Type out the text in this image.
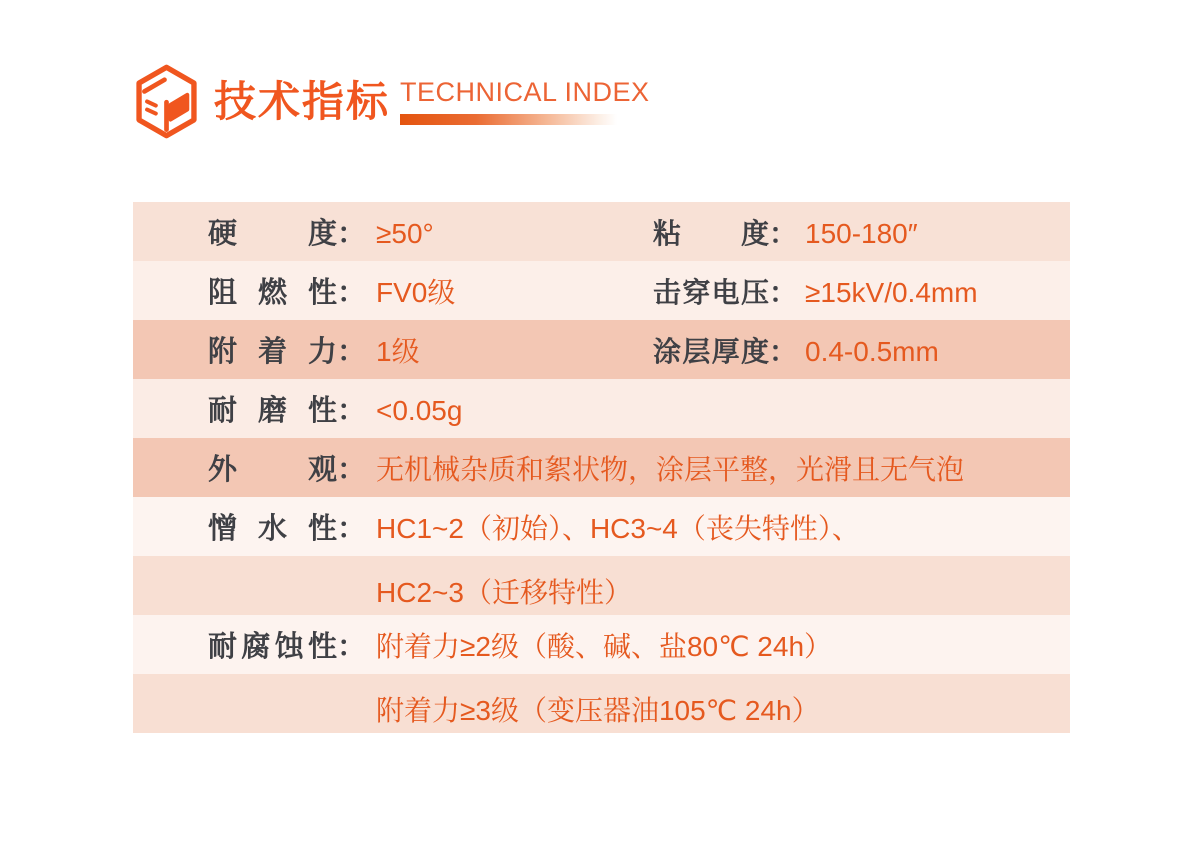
技术指标 TECHNICAL INDEX
硬度 ： ≥50°	粘度 ： 150-180″
阻燃性 ： FV0级	击穿电压 ： ≥15kV/0.4mm
附着力 ： 1级	涂层厚度 ： 0.4-0.5mm
耐磨性 ： <0.05g
外观 ： 无机械杂质和絮状物，涂层平整，光滑且无气泡
憎水性 ： HC1~2（初始）、HC3~4（丧失特性）、
HC2~3（迁移特性）
耐腐蚀性 ： 附着力≥2级（酸、碱、盐80℃ 24h）
附着力≥3级（变压器油105℃ 24h）
